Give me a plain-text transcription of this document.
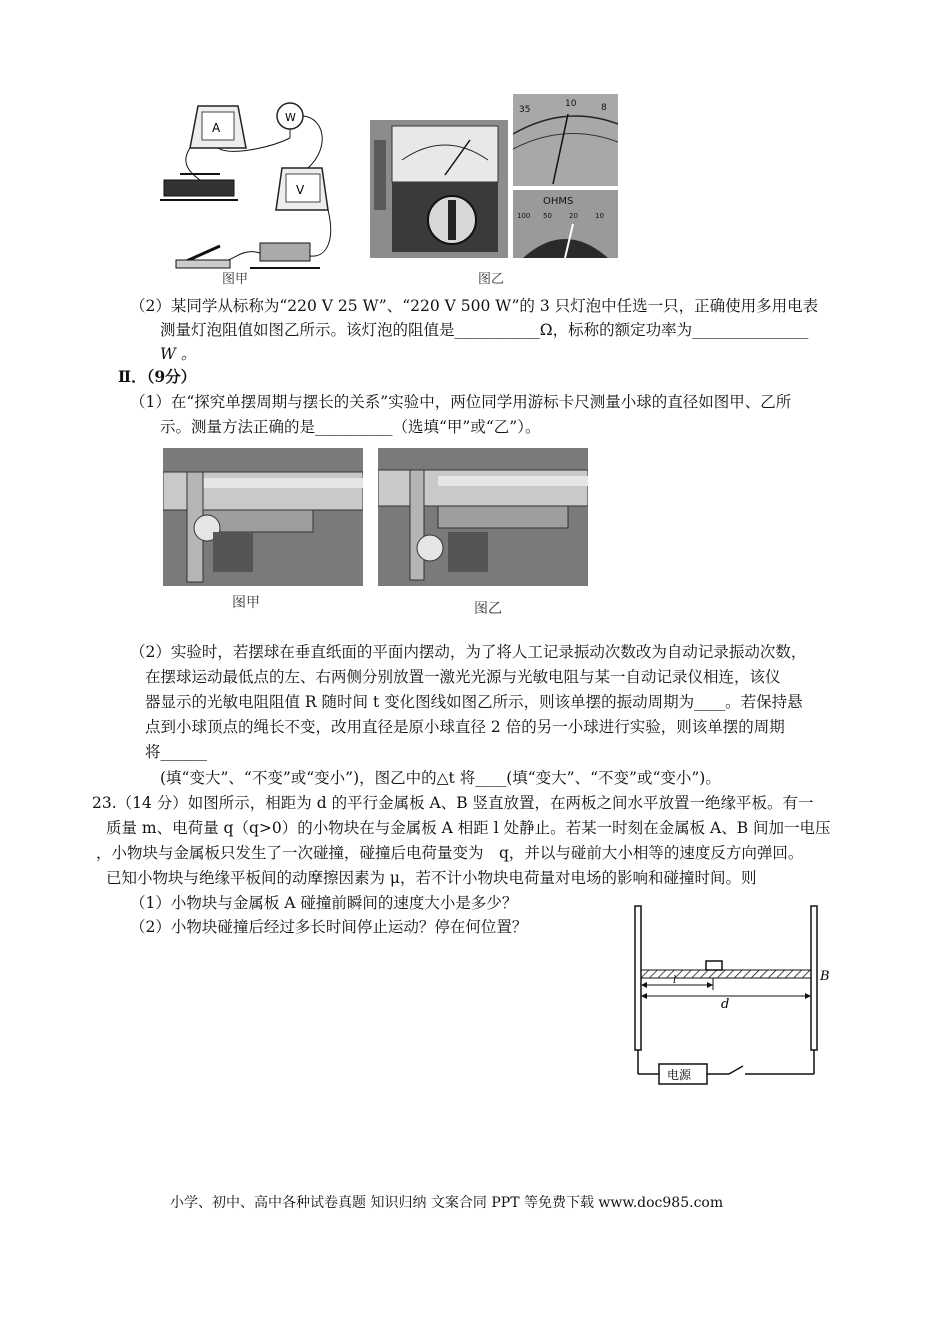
A
W
V
图甲
35
10	8
OHMS
100 50 20 10
图乙
（2）某同学从标称为“220 V 25 W”、“220 V 500 W”的 3 只灯泡中任选一只，正确使用多用电表
测量灯泡阻值如图乙所示。该灯泡的阻值是___________Ω，标称的额定功率为_______________
W 。
Ⅱ．（9分）
（1）在“探究单摆周期与摆长的关系”实验中，两位同学用游标卡尺测量小球的直径如图甲、乙所
示。测量方法正确的是__________（选填“甲”或“乙”）。
图甲	图乙
（2）实验时，若摆球在垂直纸面的平面内摆动，为了将人工记录振动次数改为自动记录振动次数，
在摆球运动最低点的左、右两侧分别放置一激光光源与光敏电阻与某一自动记录仪相连，该仪
器显示的光敏电阻阻值 R 随时间 t 变化图线如图乙所示，则该单摆的振动周期为____。若保持悬
点到小球顶点的绳长不变，改用直径是原小球直径 2 倍的另一小球进行实验，则该单摆的周期
将______
(填“变大”、“不变”或“变小”)，图乙中的△t 将____(填“变大”、“不变”或“变小”)。
23.（14 分）如图所示，相距为 d 的平行金属板 A、B 竖直放置，在两板之间水平放置一绝缘平板。有一
质量 m、电荷量 q（q>0）的小物块在与金属板 A 相距 l 处静止。若某一时刻在金属板 A、B 间加一电压
，小物块与金属板只发生了一次碰撞，碰撞后电荷量变为　q，并以与碰前大小相等的速度反方向弹回。
已知小物块与绝缘平板间的动摩擦因素为 μ，若不计小物块电荷量对电场的影响和碰撞时间。则
（1）小物块与金属板 A 碰撞前瞬间的速度大小是多少？
（2）小物块碰撞后经过多长时间停止运动？停在何位置？
B
l
d
电源
小学、初中、高中各种试卷真题 知识归纳 文案合同 PPT 等免费下载 www.doc985.com
